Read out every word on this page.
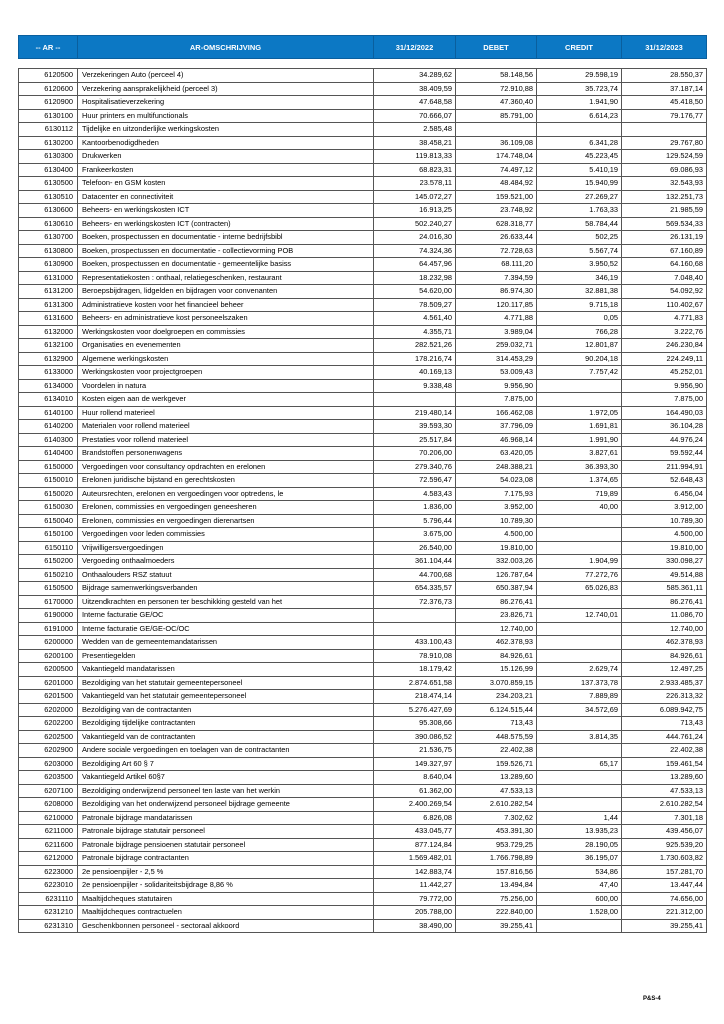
-- AR --	AR-OMSCHRIJVING	31/12/2022	DEBET	CREDIT	31/12/2023

6120500	Verzekeringen Auto (perceel 4)	34.289,62	58.148,56	29.598,19	28.550,37
6120600	Verzekering aansprakelijkheid (perceel 3)	38.409,59	72.910,88	35.723,74	37.187,14
6120900	Hospitalisatieverzekering	47.648,58	47.360,40	1.941,90	45.418,50
6130100	Huur printers en multifunctionals	70.666,07	85.791,00	6.614,23	79.176,77
6130112	Tijdelijke en uitzonderlijke werkingskosten	2.585,48			
6130200	Kantoorbenodigdheden	38.458,21	36.109,08	6.341,28	29.767,80
6130300	Drukwerken	119.813,33	174.748,04	45.223,45	129.524,59
6130400	Frankeerkosten	68.823,31	74.497,12	5.410,19	69.086,93
6130500	Telefoon- en GSM kosten	23.578,11	48.484,92	15.940,99	32.543,93
6130510	Datacenter en connectiviteit	145.072,27	159.521,00	27.269,27	132.251,73
6130600	Beheers- en werkingskosten ICT	16.913,25	23.748,92	1.763,33	21.985,59
6130610	Beheers- en werkingskosten ICT (contracten)	502.240,27	628.318,77	58.784,44	569.534,33
6130700	Boeken, prospectussen en documentatie - interne bedrijfsbibl	24.016,30	26.633,44	502,25	26.131,19
6130800	Boeken, prospectussen en documentatie - collectievorming POB	74.324,36	72.728,63	5.567,74	67.160,89
6130900	Boeken, prospectussen en documentatie - gemeentelijke basiss	64.457,96	68.111,20	3.950,52	64.160,68
6131000	Representatiekosten : onthaal, relatiegeschenken, restaurant	18.232,98	7.394,59	346,19	7.048,40
6131200	Beroepsbijdragen, lidgelden en bijdragen voor convenanten	54.620,00	86.974,30	32.881,38	54.092,92
6131300	Administratieve kosten voor het financieel beheer	78.509,27	120.117,85	9.715,18	110.402,67
6131600	Beheers- en administratieve kost personeelszaken	4.561,40	4.771,88	0,05	4.771,83
6132000	Werkingskosten voor doelgroepen en commissies	4.355,71	3.989,04	766,28	3.222,76
6132100	Organisaties en evenementen	282.521,26	259.032,71	12.801,87	246.230,84
6132900	Algemene werkingskosten	178.216,74	314.453,29	90.204,18	224.249,11
6133000	Werkingskosten voor projectgroepen	40.169,13	53.009,43	7.757,42	45.252,01
6134000	Voordelen in natura	9.338,48	9.956,90		9.956,90
6134010	Kosten eigen aan de werkgever		7.875,00		7.875,00
6140100	Huur rollend materieel	219.480,14	166.462,08	1.972,05	164.490,03
6140200	Materialen voor rollend materieel	39.593,30	37.796,09	1.691,81	36.104,28
6140300	Prestaties voor rollend materieel	25.517,84	46.968,14	1.991,90	44.976,24
6140400	Brandstoffen personenwagens	70.206,00	63.420,05	3.827,61	59.592,44
6150000	Vergoedingen voor consultancy opdrachten en erelonen	279.340,76	248.388,21	36.393,30	211.994,91
6150010	Erelonen juridische bijstand en gerechtskosten	72.596,47	54.023,08	1.374,65	52.648,43
6150020	Auteursrechten, erelonen en vergoedingen voor optredens, le	4.583,43	7.175,93	719,89	6.456,04
6150030	Erelonen, commissies en vergoedingen geneesheren	1.836,00	3.952,00	40,00	3.912,00
6150040	Erelonen, commissies en vergoedingen dierenartsen	5.796,44	10.789,30		10.789,30
6150100	Vergoedingen voor leden commissies	3.675,00	4.500,00		4.500,00
6150110	Vrijwilligersvergoedingen	26.540,00	19.810,00		19.810,00
6150200	Vergoeding onthaalmoeders	361.104,44	332.003,26	1.904,99	330.098,27
6150210	Onthaalouders RSZ statuut	44.700,68	126.787,64	77.272,76	49.514,88
6150500	Bijdrage samenwerkingsverbanden	654.335,57	650.387,94	65.026,83	585.361,11
6170000	Uitzendkrachten en personen ter beschikking gesteld van het	72.376,73	86.276,41		86.276,41
6190000	Interne facturatie GE/OC		23.826,71	12.740,01	11.086,70
6191000	Interne facturatie GE/GE-OC/OC		12.740,00		12.740,00
6200000	Wedden van de gemeentemandatarissen	433.100,43	462.378,93		462.378,93
6200100	Presentiegelden	78.910,08	84.926,61		84.926,61
6200500	Vakantiegeld mandatarissen	18.179,42	15.126,99	2.629,74	12.497,25
6201000	Bezoldiging van het statutair gemeentepersoneel	2.874.651,58	3.070.859,15	137.373,78	2.933.485,37
6201500	Vakantiegeld van het statutair gemeentepersoneel	218.474,14	234.203,21	7.889,89	226.313,32
6202000	Bezoldiging van de contractanten	5.276.427,69	6.124.515,44	34.572,69	6.089.942,75
6202200	Bezoldiging tijdelijke contractanten	95.308,66	713,43		713,43
6202500	Vakantiegeld van de contractanten	390.086,52	448.575,59	3.814,35	444.761,24
6202900	Andere sociale vergoedingen en toelagen van de contractanten	21.536,75	22.402,38		22.402,38
6203000	Bezoldiging Art 60 § 7	149.327,97	159.526,71	65,17	159.461,54
6203500	Vakantiegeld Artikel 60§7	8.640,04	13.289,60		13.289,60
6207100	Bezoldiging onderwijzend personeel ten laste van het werkin	61.362,00	47.533,13		47.533,13
6208000	Bezoldiging van het onderwijzend personeel bijdrage gemeente	2.400.269,54	2.610.282,54		2.610.282,54
6210000	Patronale bijdrage mandatarissen	6.826,08	7.302,62	1,44	7.301,18
6211000	Patronale bijdrage statutair personeel	433.045,77	453.391,30	13.935,23	439.456,07
6211600	Patronale bijdrage pensioenen statutair personeel	877.124,84	953.729,25	28.190,05	925.539,20
6212000	Patronale bijdrage contractanten	1.569.482,01	1.766.798,89	36.195,07	1.730.603,82
6223000	2e pensioenpijler - 2,5 %	142.883,74	157.816,56	534,86	157.281,70
6223010	2e pensioenpijler - solidariteitsbijdrage 8,86 %	11.442,27	13.494,84	47,40	13.447,44
6231110	Maaltijdcheques statutairen	79.772,00	75.256,00	600,00	74.656,00
6231210	Maaltijdcheques contractuelen	205.788,00	222.840,00	1.528,00	221.312,00
6231310	Geschenkbonnen personeel - sectoraal akkoord	38.490,00	39.255,41		39.255,41
P&S-4
